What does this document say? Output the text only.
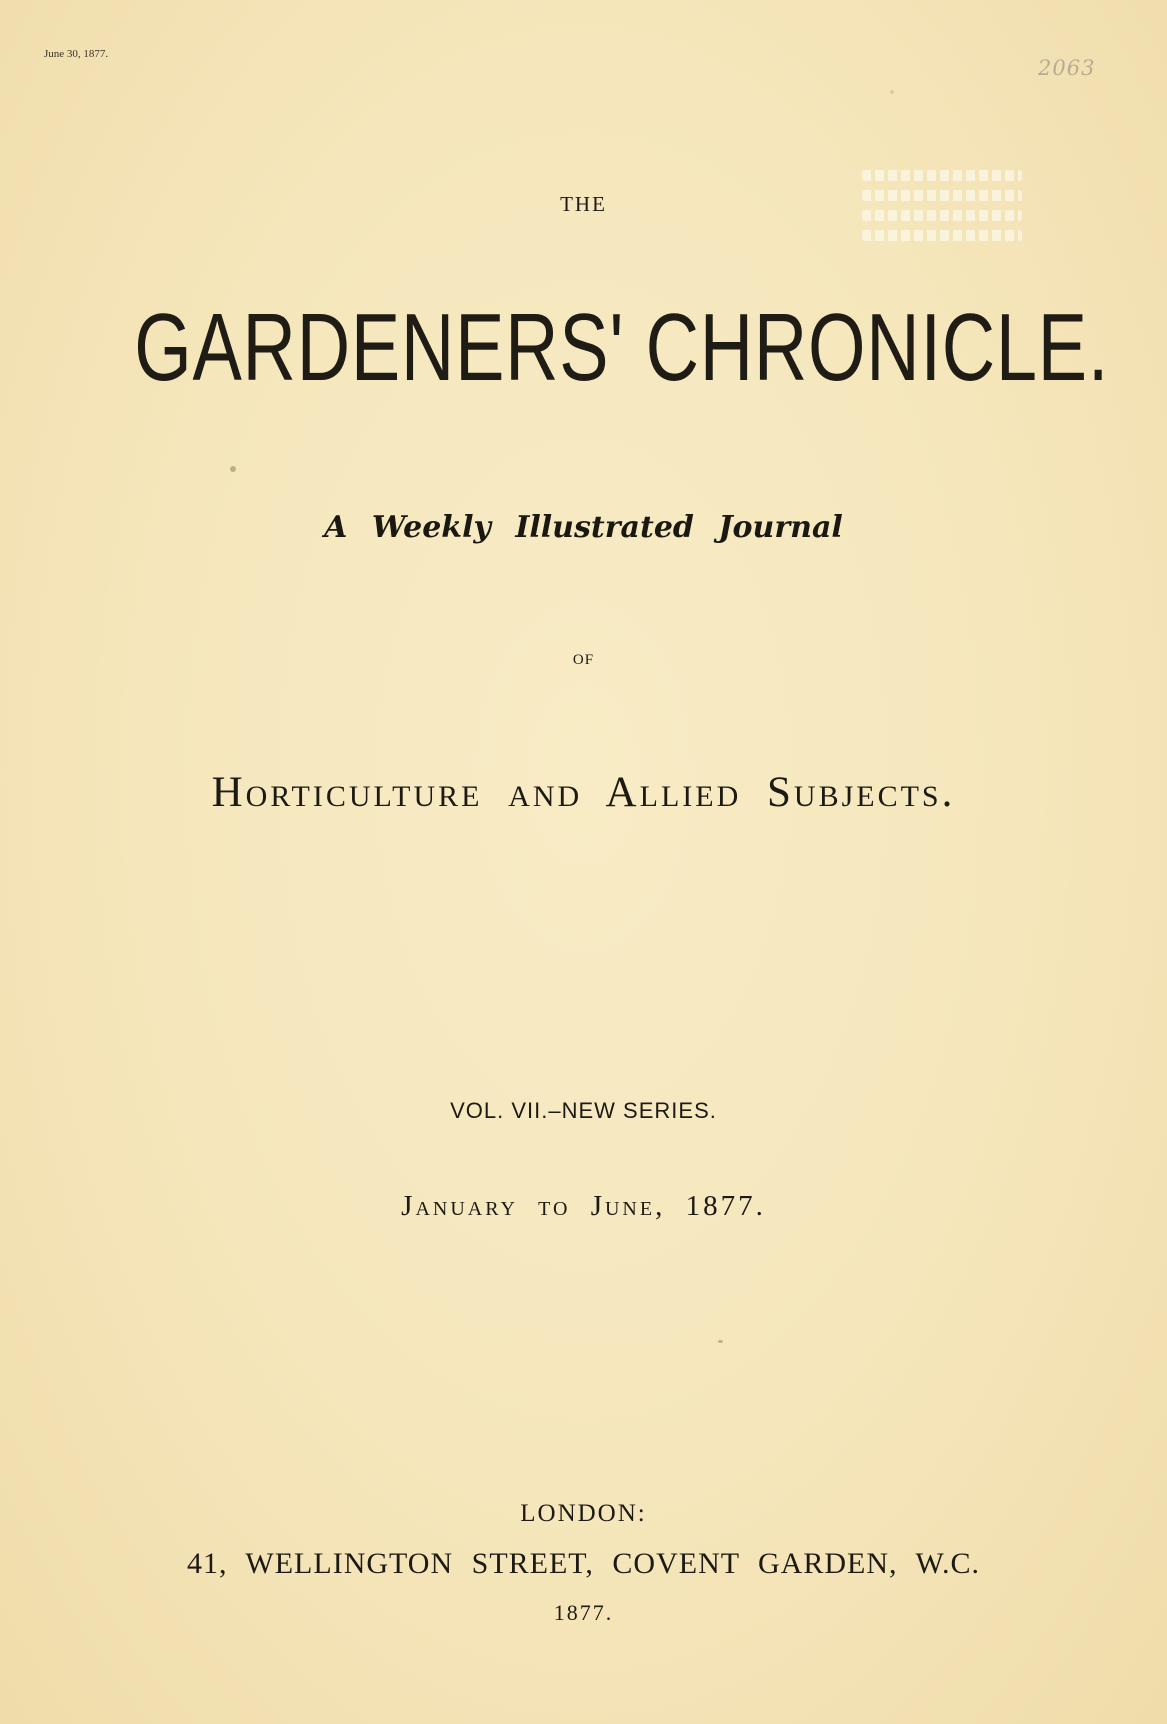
June 30, 1877.
2063
THE
GARDENERS' CHRONICLE.
A Weekly Illustrated Journal
OF
Horticulture and Allied Subjects.
VOL. VII.–NEW SERIES.
January to June, 1877.
LONDON:
41, WELLINGTON STREET, COVENT GARDEN, W.C.
1877.
